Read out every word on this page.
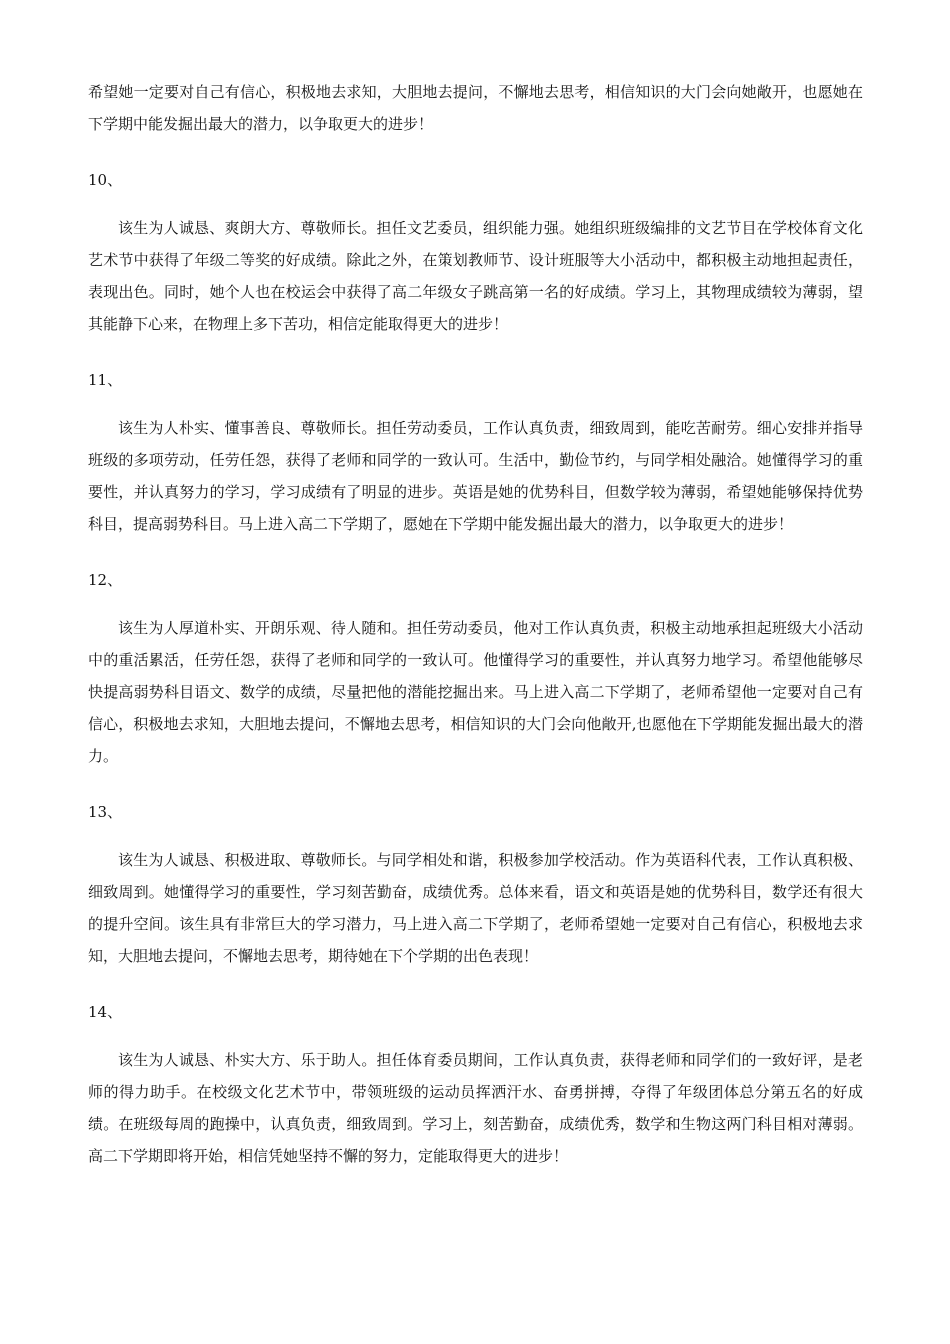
希望她一定要对自己有信心，积极地去求知，大胆地去提问，不懈地去思考，相信知识的大门会向她敞开，也愿她在下学期中能发掘出最大的潜力，以争取更大的进步！

10、

该生为人诚恳、爽朗大方、尊敬师长。担任文艺委员，组织能力强。她组织班级编排的文艺节目在学校体育文化艺术节中获得了年级二等奖的好成绩。除此之外，在策划教师节、设计班服等大小活动中，都积极主动地担起责任，表现出色。同时，她个人也在校运会中获得了高二年级女子跳高第一名的好成绩。学习上，其物理成绩较为薄弱，望其能静下心来，在物理上多下苦功，相信定能取得更大的进步！

11、

该生为人朴实、懂事善良、尊敬师长。担任劳动委员，工作认真负责，细致周到，能吃苦耐劳。细心安排并指导班级的多项劳动，任劳任怨，获得了老师和同学的一致认可。生活中，勤俭节约，与同学相处融洽。她懂得学习的重要性，并认真努力的学习，学习成绩有了明显的进步。英语是她的优势科目，但数学较为薄弱，希望她能够保持优势科目，提高弱势科目。马上进入高二下学期了，愿她在下学期中能发掘出最大的潜力，以争取更大的进步！

12、

该生为人厚道朴实、开朗乐观、待人随和。担任劳动委员，他对工作认真负责，积极主动地承担起班级大小活动中的重活累活，任劳任怨，获得了老师和同学的一致认可。他懂得学习的重要性，并认真努力地学习。希望他能够尽快提高弱势科目语文、数学的成绩，尽量把他的潜能挖掘出来。马上进入高二下学期了，老师希望他一定要对自己有信心，积极地去求知，大胆地去提问，不懈地去思考，相信知识的大门会向他敞开,也愿他在下学期能发掘出最大的潜力。

13、

该生为人诚恳、积极进取、尊敬师长。与同学相处和谐，积极参加学校活动。作为英语科代表，工作认真积极、细致周到。她懂得学习的重要性，学习刻苦勤奋，成绩优秀。总体来看，语文和英语是她的优势科目，数学还有很大的提升空间。该生具有非常巨大的学习潜力，马上进入高二下学期了，老师希望她一定要对自己有信心，积极地去求知，大胆地去提问，不懈地去思考，期待她在下个学期的出色表现！

14、

该生为人诚恳、朴实大方、乐于助人。担任体育委员期间，工作认真负责，获得老师和同学们的一致好评，是老师的得力助手。在校级文化艺术节中，带领班级的运动员挥洒汗水、奋勇拼搏，夺得了年级团体总分第五名的好成绩。在班级每周的跑操中，认真负责，细致周到。学习上，刻苦勤奋，成绩优秀，数学和生物这两门科目相对薄弱。高二下学期即将开始，相信凭她坚持不懈的努力，定能取得更大的进步！
